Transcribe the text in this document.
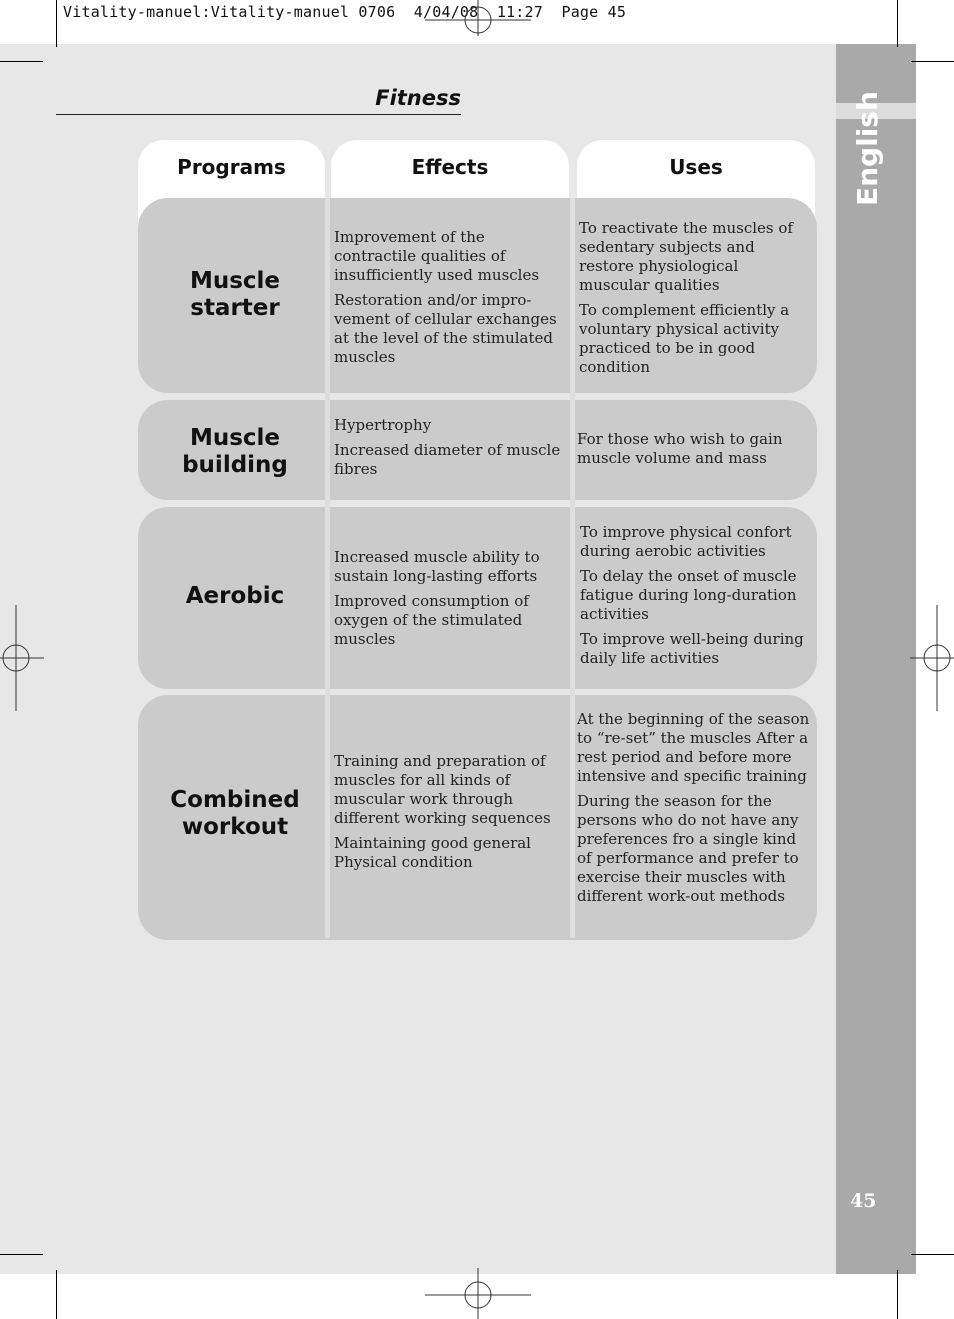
English
45
Vitality-manuel:Vitality-manuel 0706  4/04/08  11:27  Page 45
Fitness
Programs	Effects	Uses
Muscle
starter

Improvement of the contractile qualities of insufficiently used muscles

Restoration and/or impro-vement of cellular exchanges at the level of the stimulated muscles

To reactivate the muscles of sedentary subjects and restore physiological muscular qualities

To complement efficiently a voluntary physical activity practiced to be in good condition

Muscle
building

Hypertrophy

Increased diameter of muscle fibres

For those who wish to gain muscle volume and mass

Aerobic

Increased muscle ability to sustain long-lasting efforts

Improved consumption of oxygen of the stimulated muscles

To improve physical confort during aerobic activities

To delay the onset of muscle fatigue during long-duration activities

To improve well-being during daily life activities

Combined
workout

Training and preparation of muscles for all kinds of muscular work through different working sequences

Maintaining good general Physical condition

At the beginning of the season to “re-set” the muscles After a rest period and before more intensive and specific training

During the season for the persons who do not have any preferences fro a single kind of performance and prefer to exercise their muscles with different work-out methods
